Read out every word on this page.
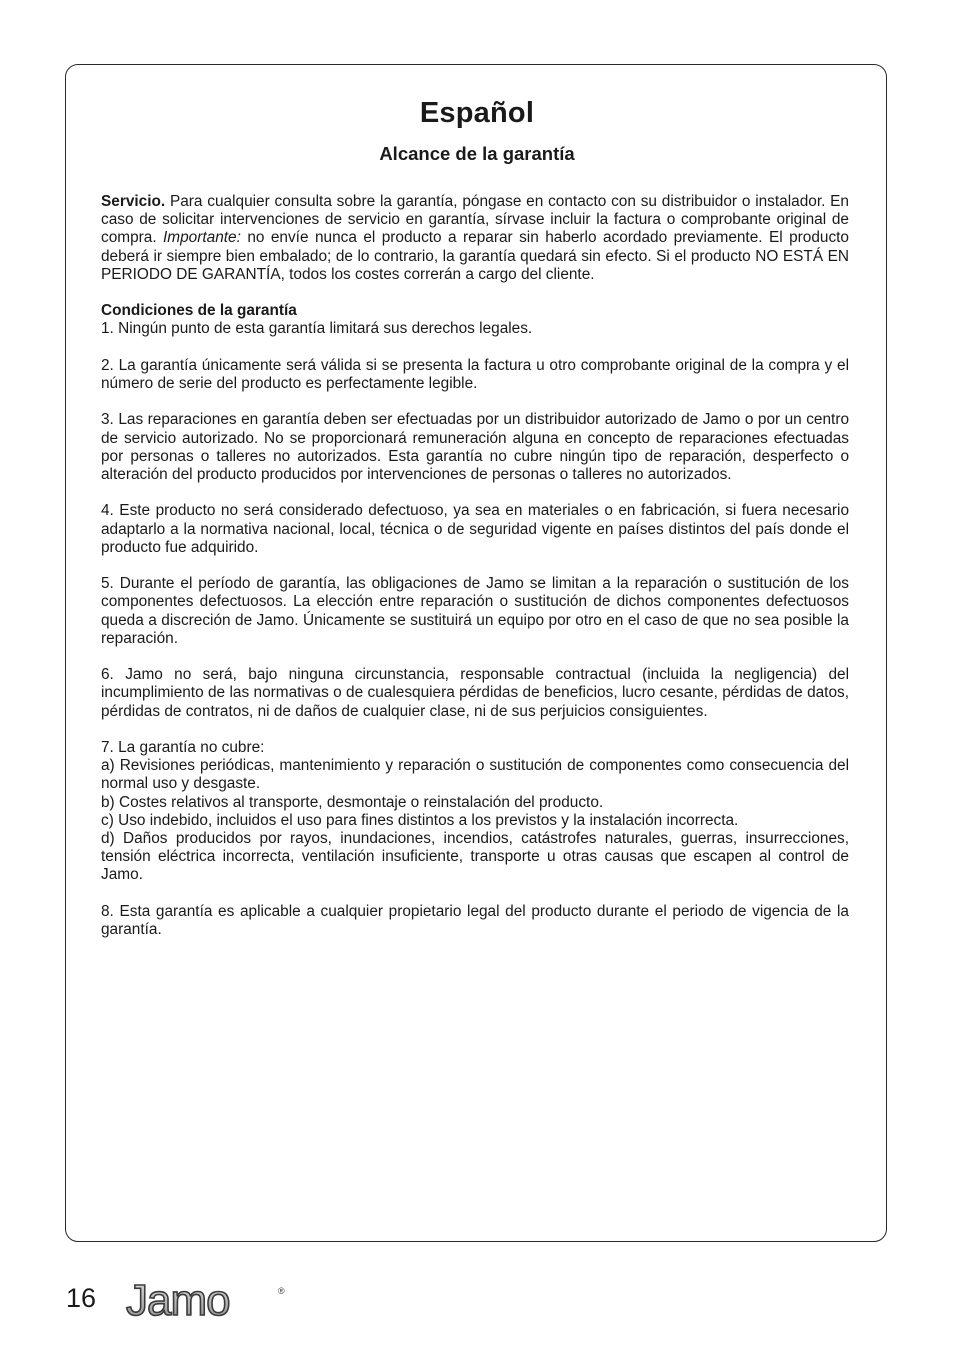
Español
Alcance de la garantía

Servicio. Para cualquier consulta sobre la garantía, póngase en contacto con su distribuidor o instalador. En caso de solicitar intervenciones de servicio en garantía, sírvase incluir la factura o comprobante original de compra. Importante: no envíe nunca el producto a reparar sin haberlo acordado previamente. El producto deberá ir siempre bien embalado; de lo contrario, la garantía quedará sin efecto. Si el producto NO ESTÁ EN PERIODO DE GARANTÍA, todos los costes correrán a cargo del cliente.

Condiciones de la garantía

1. Ningún punto de esta garantía limitará sus derechos legales.

2. La garantía únicamente será válida si se presenta la factura u otro comprobante original de la compra y el número de serie del producto es perfectamente legible.

3. Las reparaciones en garantía deben ser efectuadas por un distribuidor autorizado de Jamo o por un centro de servicio autorizado. No se proporcionará remuneración alguna en concepto de reparaciones efectuadas por personas o talleres no autorizados. Esta garantía no cubre ningún tipo de reparación, desperfecto o alteración del producto producidos por intervenciones de personas o talleres no autorizados.

4. Este producto no será considerado defectuoso, ya sea en materiales o en fabricación, si fuera necesario adaptarlo a la normativa nacional, local, técnica o de seguridad vigente en países distintos del país donde el producto fue adquirido.

5. Durante el período de garantía, las obligaciones de Jamo se limitan a la reparación o sustitución de los componentes defectuosos. La elección entre reparación o sustitución de dichos componentes defectuosos queda a discreción de Jamo. Únicamente se sustituirá un equipo por otro en el caso de que no sea posible la reparación.

6. Jamo no será, bajo ninguna circunstancia, responsable contractual (incluida la negligencia) del incumplimiento de las normativas o de cualesquiera pérdidas de beneficios, lucro cesante, pérdidas de datos, pérdidas de contratos, ni de daños de cualquier clase, ni de sus perjuicios consiguientes.

7. La garantía no cubre:

a) Revisiones periódicas, mantenimiento y reparación o sustitución de componentes como consecuencia del normal uso y desgaste.

b) Costes relativos al transporte, desmontaje o reinstalación del producto.

c) Uso indebido, incluidos el uso para fines distintos a los previstos y la instalación incorrecta.

d) Daños producidos por rayos, inundaciones, incendios, catástrofes naturales, guerras, insurrecciones, tensión eléctrica incorrecta, ventilación insuficiente, transporte u otras causas que escapen al control de Jamo.

8. Esta garantía es aplicable a cualquier propietario legal del producto durante el periodo de vigencia de la garantía.

16 Jamo	®
